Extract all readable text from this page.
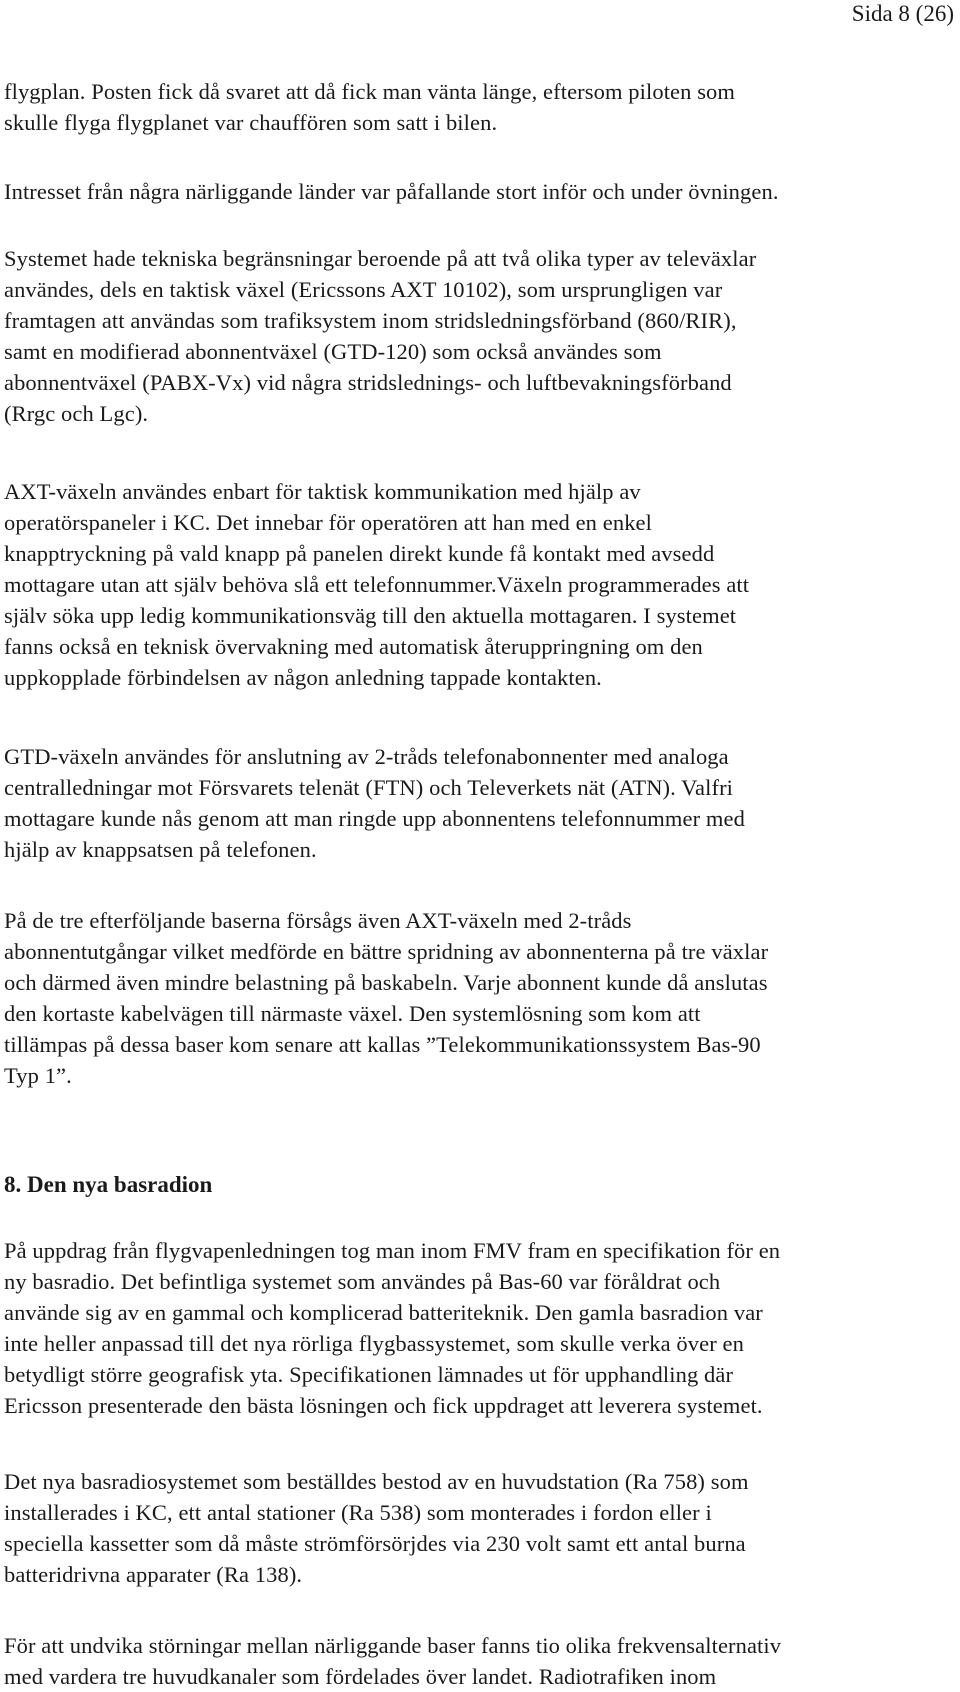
Sida 8 (26)

flygplan. Posten fick då svaret att då fick man vänta länge, eftersom piloten som
skulle flyga flygplanet var chauffören som satt i bilen.

Intresset från några närliggande länder var påfallande stort inför och under övningen.

Systemet hade tekniska begränsningar beroende på att två olika typer av televäxlar
användes, dels en taktisk växel (Ericssons AXT 10102), som ursprungligen var
framtagen att användas som trafiksystem inom stridsledningsförband (860/RIR),
samt en modifierad abonnentväxel (GTD-120) som också användes som
abonnentväxel (PABX-Vx) vid några stridslednings- och luftbevakningsförband
(Rrgc och Lgc).

AXT-växeln användes enbart för taktisk kommunikation med hjälp av
operatörspaneler i KC. Det innebar för operatören att han med en enkel
knapptryckning på vald knapp på panelen direkt kunde få kontakt med avsedd
mottagare utan att själv behöva slå ett telefonnummer.Växeln programmerades att
själv söka upp ledig kommunikationsväg till den aktuella mottagaren. I systemet
fanns också en teknisk övervakning med automatisk återuppringning om den
uppkopplade förbindelsen av någon anledning tappade kontakten.

GTD-växeln användes för anslutning av 2-tråds telefonabonnenter med analoga
centralledningar mot Försvarets telenät (FTN) och Televerkets nät (ATN). Valfri
mottagare kunde nås genom att man ringde upp abonnentens telefonnummer med
hjälp av knappsatsen på telefonen.

På de tre efterföljande baserna försågs även AXT-växeln med 2-tråds
abonnentutgångar vilket medförde en bättre spridning av abonnenterna på tre växlar
och därmed även mindre belastning på baskabeln. Varje abonnent kunde då anslutas
den kortaste kabelvägen till närmaste växel. Den systemlösning som kom att
tillämpas på dessa baser kom senare att kallas ”Telekommunikationssystem Bas-90
Typ 1”.

8. Den nya basradion

På uppdrag från flygvapenledningen tog man inom FMV fram en specifikation för en
ny basradio. Det befintliga systemet som användes på Bas-60 var föråldrat och
använde sig av en gammal och komplicerad batteriteknik. Den gamla basradion var
inte heller anpassad till det nya rörliga flygbassystemet, som skulle verka över en
betydligt större geografisk yta. Specifikationen lämnades ut för upphandling där
Ericsson presenterade den bästa lösningen och fick uppdraget att leverera systemet.

Det nya basradiosystemet som beställdes bestod av en huvudstation (Ra 758) som
installerades i KC, ett antal stationer (Ra 538) som monterades i fordon eller i
speciella kassetter som då måste strömförsörjdes via 230 volt samt ett antal burna
batteridrivna apparater (Ra 138).

För att undvika störningar mellan närliggande baser fanns tio olika frekvensalternativ
med vardera tre huvudkanaler som fördelades över landet. Radiotrafiken inom
